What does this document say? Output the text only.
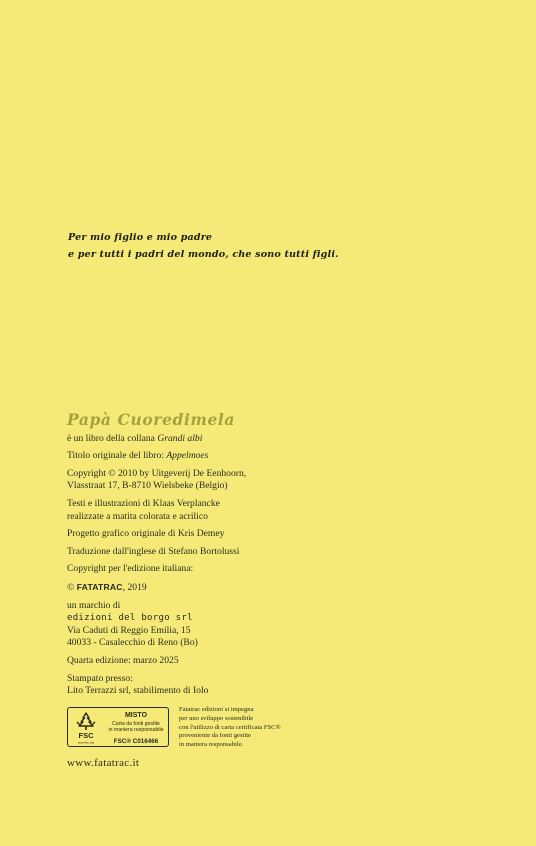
Per mio figlio e mio padre
e per tutti i padri del mondo, che sono tutti figli.
Papà Cuoredimela
è un libro della collana Grandi albi
Titolo originale del libro: Appelmoes
Copyright © 2010 by Uitgeverij De Eenhoorn,
Vlasstraat 17, B-8710 Wielsbeke (Belgio)
Testi e illustrazioni di Klaas Verplancke
realizzate a matita colorata e acrilico
Progetto grafico originale di Kris Demey
Traduzione dall'inglese di Stefano Bortolussi
Copyright per l'edizione italiana:
© FATATRAC, 2019
un marchio di
edizioni del borgo srl
Via Caduti di Reggio Emilia, 15
40033 - Casalecchio di Reno (Bo)
Quarta edizione: marzo 2025
Stampato presso:
Lito Terrazzi srl, stabilimento di Iolo
FSC
www.fsc.org
MISTO
Carta da fonti gestite
in maniera responsabile
FSC® C016466
Fatatrac edizioni si impegna
per uno sviluppo sostenibile
con l'utilizzo di carta certificata FSC®
proveniente da fonti gestite
in maniera responsabile.
www.fatatrac.it
